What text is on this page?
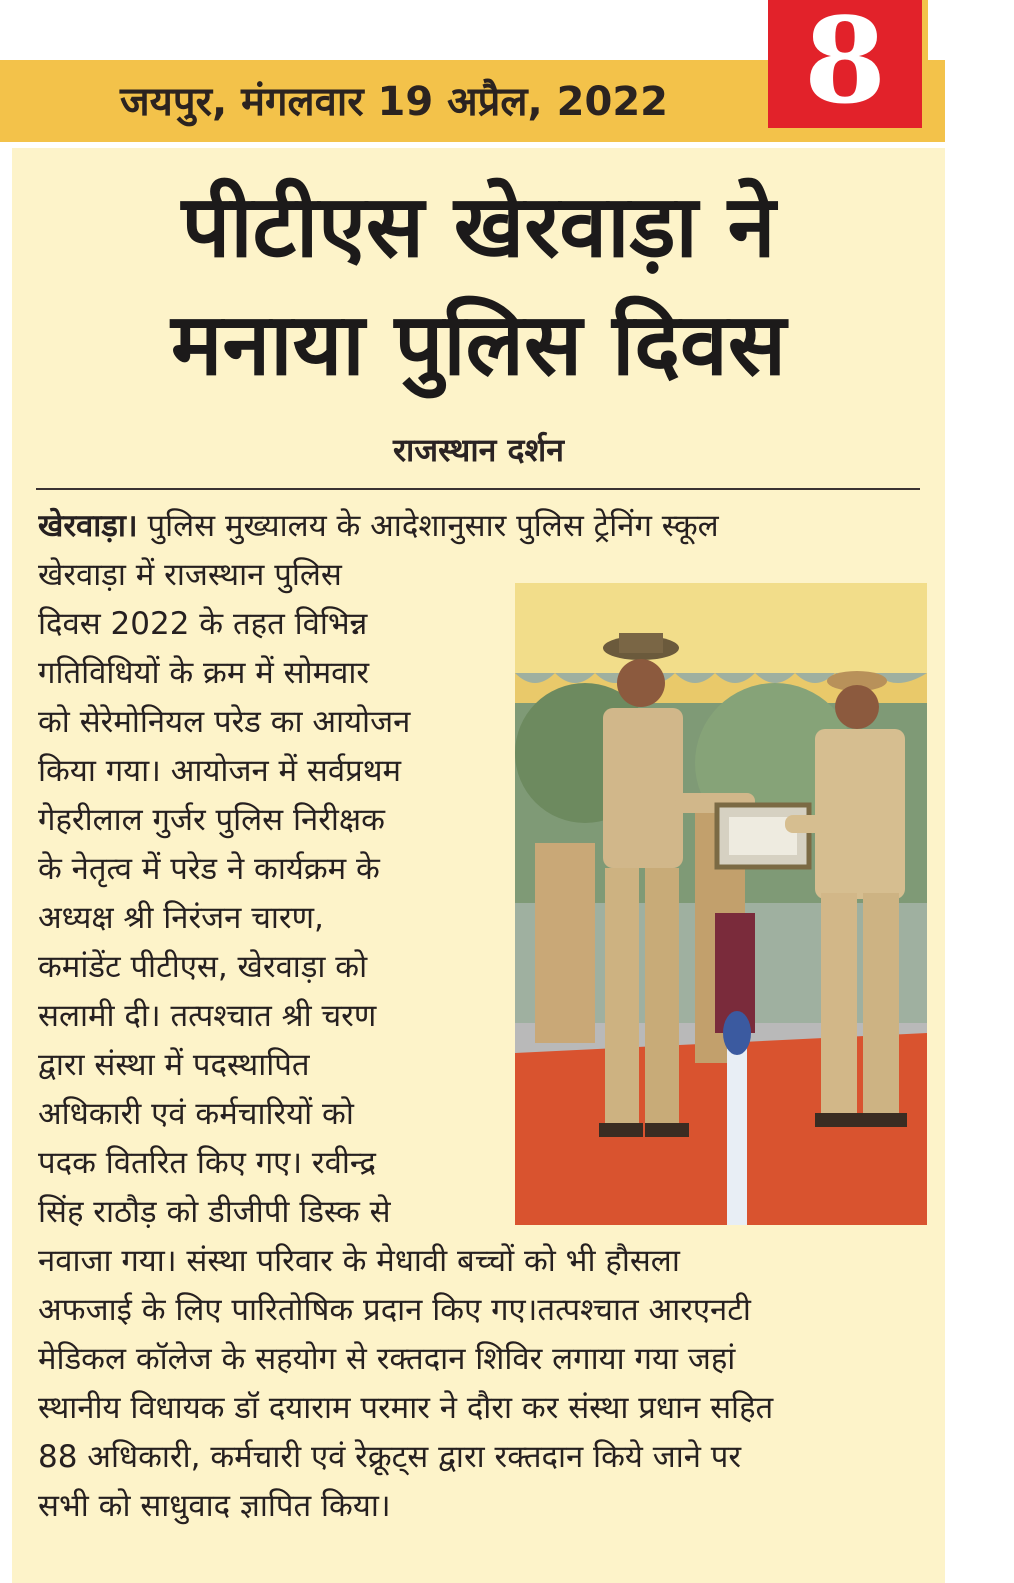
जयपुर, मंगलवार 19 अप्रैल, 2022	8
पीटीएस खेरवाड़ा ने
मनाया पुलिस दिवस
राजस्थान दर्शन
खेरवाड़ा। पुलिस मुख्यालय के आदेशानुसार पुलिस ट्रेनिंग स्कूल
खेरवाड़ा में राजस्थान पुलिस
दिवस 2022 के तहत विभिन्न
गतिविधियों के क्रम में सोमवार
को सेरेमोनियल परेड का आयोजन
किया गया। आयोजन में सर्वप्रथम
गेहरीलाल गुर्जर पुलिस निरीक्षक
के नेतृत्व में परेड ने कार्यक्रम के
अध्यक्ष श्री निरंजन चारण,
कमांडेंट पीटीएस, खेरवाड़ा को
सलामी दी। तत्पश्चात श्री चरण
द्वारा संस्था में पदस्थापित
अधिकारी एवं कर्मचारियों को
पदक वितरित किए गए। रवीन्द्र
सिंह राठौड़ को डीजीपी डिस्क से
नवाजा गया। संस्था परिवार के मेधावी बच्चों को भी हौसला
अफजाई के लिए पारितोषिक प्रदान किए गए।तत्पश्चात आरएनटी
मेडिकल कॉलेज के सहयोग से रक्तदान शिविर लगाया गया जहां
स्थानीय विधायक डॉ दयाराम परमार ने दौरा कर संस्था प्रधान सहित
88 अधिकारी, कर्मचारी एवं रेक्रूट्स द्वारा रक्तदान किये जाने पर
सभी को साधुवाद ज्ञापित किया।
